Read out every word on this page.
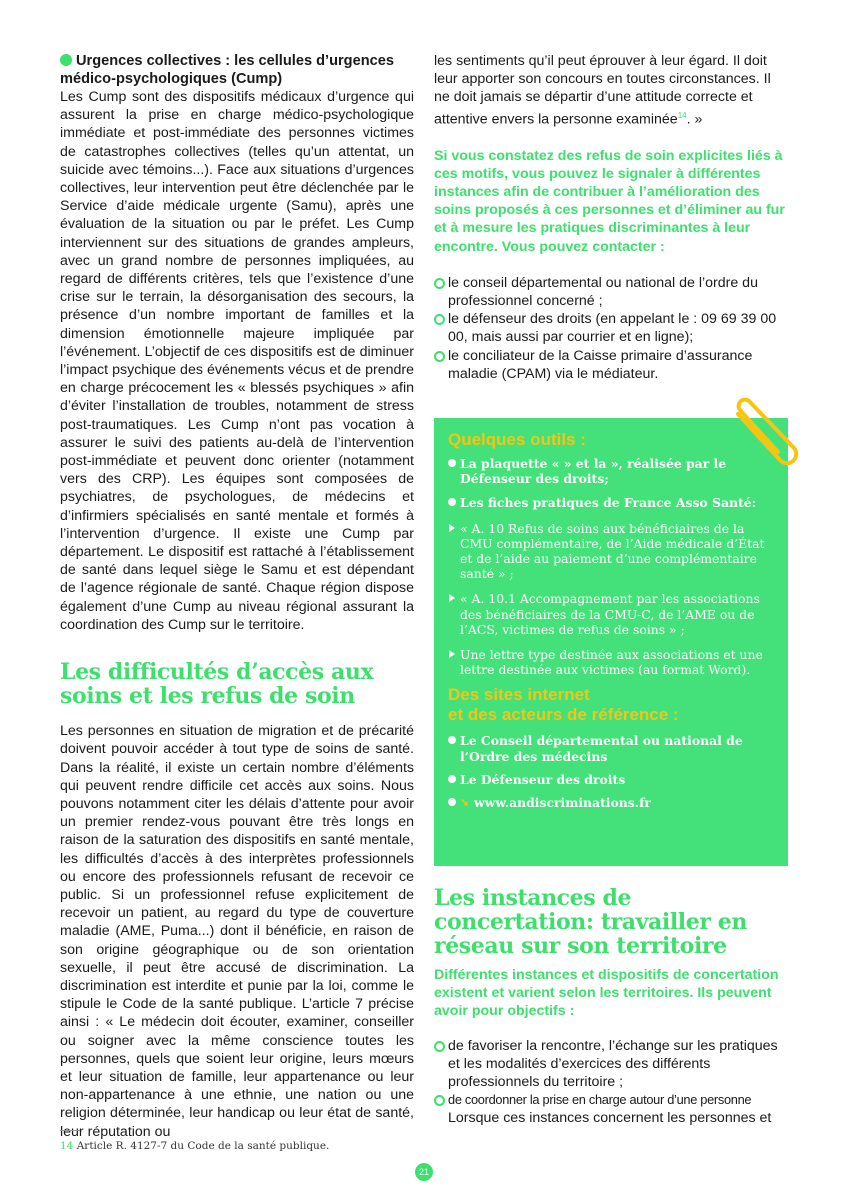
Urgences collectives : les cellules d’urgences médico-psychologiques (Cump)

Les Cump sont des dispositifs médicaux d’urgence qui assurent la prise en charge médico-psychologique immédiate et post-immédiate des personnes victimes de catastrophes collectives (telles qu’un attentat, un suicide avec témoins...). Face aux situations d’urgences collectives, leur intervention peut être déclenchée par le Service d’aide médicale urgente (Samu), après une évaluation de la situation ou par le préfet. Les Cump interviennent sur des situations de grandes ampleurs, avec un grand nombre de personnes impliquées, au regard de différents critères, tels que l’existence d’une crise sur le terrain, la désorganisation des secours, la présence d’un nombre important de familles et la dimension émotionnelle majeure impliquée par l’événement. L’objectif de ces dispositifs est de diminuer l’impact psychique des événements vécus et de prendre en charge précocement les « blessés psychiques » afin d’éviter l’installation de troubles, notamment de stress post-traumatiques. Les Cump n’ont pas vocation à assurer le suivi des patients au-delà de l’intervention post-immédiate et peuvent donc orienter (notamment vers des CRP). Les équipes sont composées de psychiatres, de psychologues, de médecins et d’infirmiers spécialisés en santé mentale et formés à l’intervention d’urgence. Il existe une Cump par département. Le dispositif est rattaché à l’établissement de santé dans lequel siège le Samu et est dépendant de l’agence régionale de santé. Chaque région dispose également d’une Cump au niveau régional assurant la coordination des Cump sur le territoire.

Les difficultés d’accès aux soins et les refus de soin

Les personnes en situation de migration et de précarité doivent pouvoir accéder à tout type de soins de santé. Dans la réalité, il existe un certain nombre d’éléments qui peuvent rendre difficile cet accès aux soins. Nous pouvons notamment citer les délais d’attente pour avoir un premier rendez-vous pouvant être très longs en raison de la saturation des dispositifs en santé mentale, les difficultés d’accès à des interprètes professionnels ou encore des professionnels refusant de recevoir ce public. Si un professionnel refuse explicitement de recevoir un patient, au regard du type de couverture maladie (AME, Puma...) dont il bénéficie, en raison de son origine géographique ou de son orientation sexuelle, il peut être accusé de discrimination. La discrimination est interdite et punie par la loi, comme le stipule le Code de la santé publique. L’article 7 précise ainsi : « Le médecin doit écouter, examiner, conseiller ou soigner avec la même conscience toutes les personnes, quels que soient leur origine, leurs mœurs et leur situation de famille, leur appartenance ou leur non-appartenance à une ethnie, une nation ou une religion déterminée, leur handicap ou leur état de santé, leur réputation ou

les sentiments qu’il peut éprouver à leur égard. Il doit leur apporter son concours en toutes circonstances. Il ne doit jamais se départir d’une attitude correcte et attentive envers la personne examinée$^{14}$. »

Si vous constatez des refus de soin explicites liés à ces motifs, vous pouvez le signaler à différentes instances afin de contribuer à l’amélioration des soins proposés à ces personnes et d’éliminer au fur et à mesure les pratiques discriminantes à leur encontre. Vous pouvez contacter :

le conseil départemental ou national de l’ordre du professionnel concerné ;
le défenseur des droits (en appelant le : 09 69 39 00 00, mais aussi par courrier et en ligne);
le conciliateur de la Caisse primaire d’assurance maladie (CPAM) via le médiateur.
Quelques outils :
La plaquette « » et la », réalisée par le Défenseur des droits;
Les fiches pratiques de France Asso Santé:
« A. 10 Refus de soins aux bénéficiaires de la CMU complémentaire, de l’Aide médicale d’État et de l’aide au paiement d’une complémentaire santé » ;
« A. 10.1 Accompagnement par les associations des bénéficiaires de la CMU-C, de l’AME ou de l’ACS, victimes de refus de soins » ;
Une lettre type destinée aux associations et une lettre destinée aux victimes (au format Word).
Des sites internet
et des acteurs de référence :
Le Conseil départemental ou national de l’Ordre des médecins
Le Défenseur des droits
➘ www.andiscriminations.fr
Les instances de concertation: travailler en réseau sur son territoire

Différentes instances et dispositifs de concertation existent et varient selon les territoires. Ils peuvent avoir pour objectifs :

de favoriser la rencontre, l’échange sur les pratiques et les modalités d’exercices des différents professionnels du territoire ;
de coordonner la prise en charge autour d’une personne

Lorsque ces instances concernent les personnes et

14 Article R. 4127-7 du Code de la santé publique.
21
